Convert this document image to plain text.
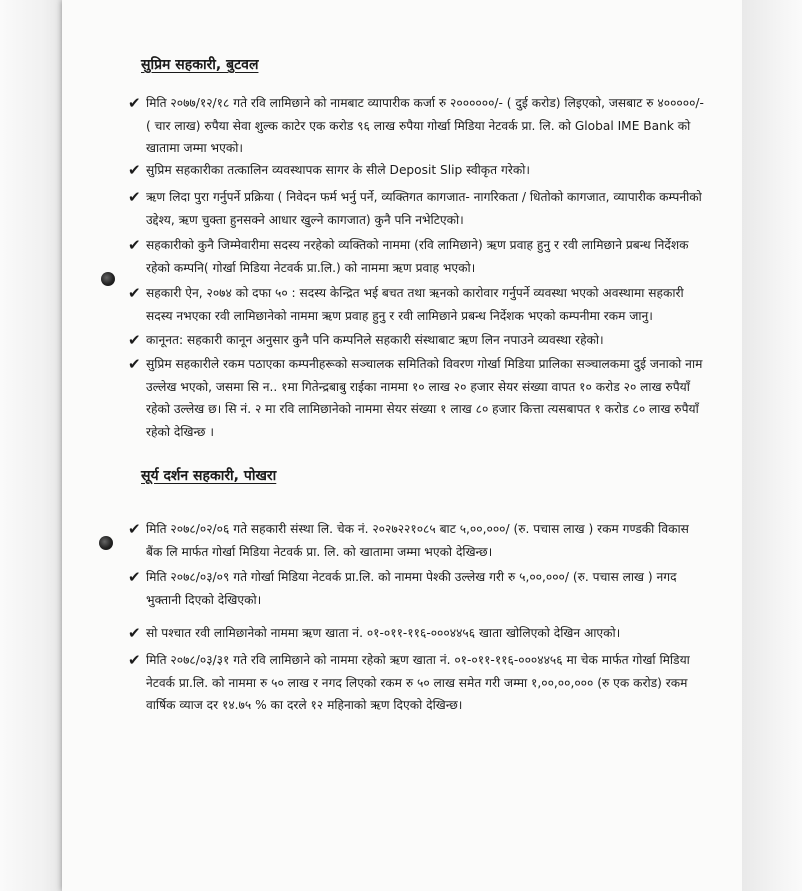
सुप्रिम सहकारी, बुटवल
✔ मिति २०७७/१२/१८ गते रवि लामिछाने को नामबाट व्यापारीक कर्जा रु २००००००/- ( दुई करोड) लिइएको, जसबाट रु ४०००००/-( चार लाख) रुपैया सेवा शुल्क काटेर एक करोड ९६ लाख रुपैया गोर्खा मिडिया नेटवर्क प्रा. लि. को Global IME Bank को खातामा जम्मा भएको।
✔ सुप्रिम सहकारीका तत्कालिन व्यवस्थापक सागर के सीले Deposit Slip स्वीकृत गरेको।
✔ ऋण लिदा पुरा गर्नुपर्ने प्रक्रिया ( निवेदन फर्म भर्नु पर्ने, व्यक्तिगत कागजात- नागरिकता / धितोको कागजात, व्यापारीक कम्पनीको उद्देश्य, ऋण चुक्ता हुनसक्ने आधार खुल्ने कागजात) कुनै पनि नभेटिएको।
✔ सहकारीको कुनै जिम्मेवारीमा सदस्य नरहेको व्यक्तिको नाममा (रवि लामिछाने) ऋण प्रवाह हुनु र रवी लामिछाने प्रबन्ध निर्देशक रहेको कम्पनि( गोर्खा मिडिया नेटवर्क प्रा.लि.) को नाममा ऋण प्रवाह भएको।
✔ सहकारी ऐन, २०७४ को दफा ५० : सदस्य केन्द्रित भई बचत तथा ऋनको कारोवार गर्नुपर्ने व्यवस्था भएको अवस्थामा सहकारी सदस्य नभएका रवी लामिछानेको नाममा ऋण प्रवाह हुनु र रवी लामिछाने प्रबन्ध निर्देशक भएको कम्पनीमा रकम जानु।
✔ कानूनत: सहकारी कानून अनुसार कुनै पनि कम्पनिले सहकारी संस्थाबाट ऋण लिन नपाउने व्यवस्था रहेको।
✔ सुप्रिम सहकारीले रकम पठाएका कम्पनीहरूको सञ्चालक समितिको विवरण गोर्खा मिडिया प्रालिका सञ्चालकमा दुई जनाको नाम उल्लेख भएको, जसमा सि न.. १मा गितेन्द्रबाबु राईका नाममा १० लाख २० हजार सेयर संख्या वापत १० करोड २० लाख रुपैयाँ रहेको उल्लेख छ। सि नं. २ मा रवि लामिछानेको नाममा सेयर संख्या १ लाख ८० हजार कित्ता त्यसबापत १ करोड ८० लाख रुपैयाँ रहेको देखिन्छ ।
सूर्य दर्शन सहकारी, पोखरा
✔ मिति २०७८/०२/०६ गते सहकारी संस्था लि. चेक नं. २०२७२२१०८५ बाट ५,००,०००/ (रु. पचास लाख ) रकम गण्डकी विकास बैंक लि मार्फत गोर्खा मिडिया नेटवर्क प्रा. लि. को खातामा जम्मा भएको देखिन्छ।
✔ मिति २०७८/०३/०९ गते गोर्खा मिडिया नेटवर्क प्रा.लि. को नाममा पेश्की उल्लेख गरी रु ५,००,०००/ (रु. पचास लाख ) नगद भुक्तानी दिएको देखिएको।
✔ सो पश्चात रवी लामिछानेको नाममा ऋण खाता नं. ०१-०११-११६-०००४४५६ खाता खोलिएको देखिन आएको।
✔ मिति २०७८/०३/३१ गते रवि लामिछाने को नाममा रहेको ऋण खाता नं. ०१-०११-११६-०००४४५६ मा चेक मार्फत गोर्खा मिडिया नेटवर्क प्रा.लि. को नाममा रु ५० लाख र नगद लिएको रकम रु ५० लाख समेत गरी जम्मा १,००,००,००० (रु एक करोड) रकम वार्षिक व्याज दर १४.७५ % का दरले १२ महिनाको ऋण दिएको देखिन्छ।
